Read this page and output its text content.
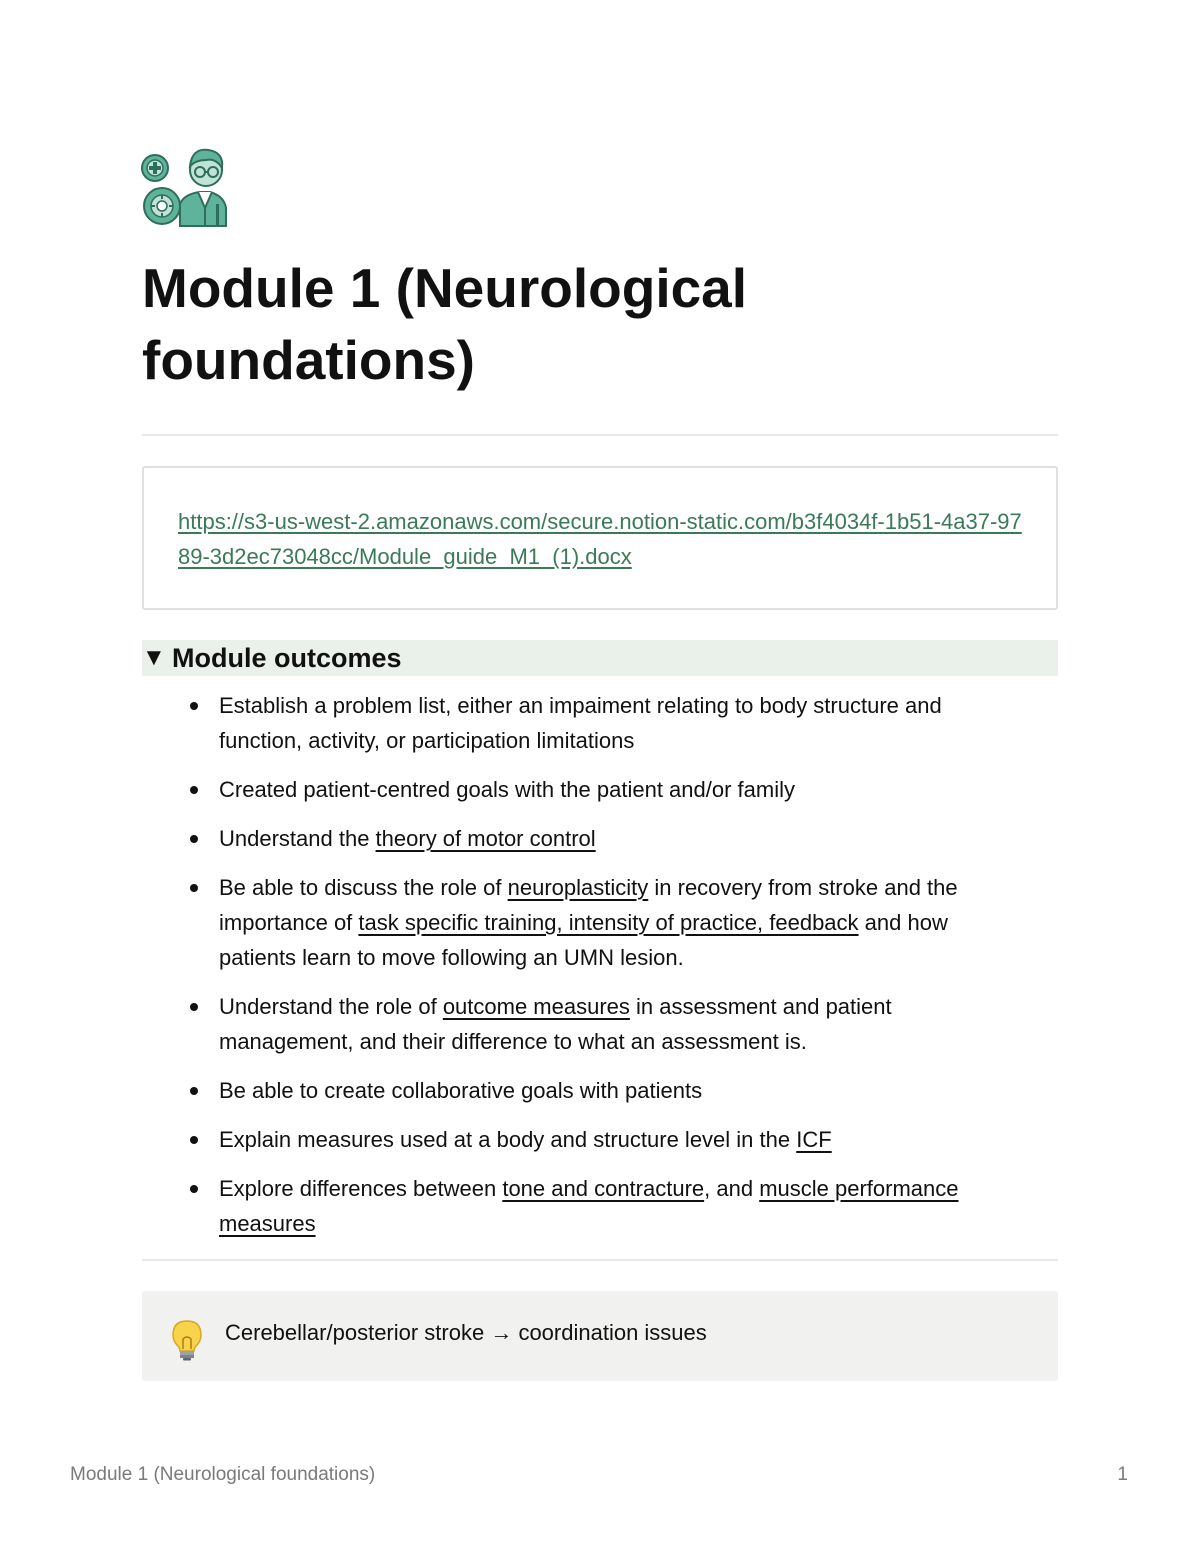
Module 1 (Neurological foundations)
https://s3-us-west-2.amazonaws.com/secure.notion-static.com/b3f4034f-1b51-4a37-9789-3d2ec73048cc/Module_guide_M1_(1).docx
▼ Module outcomes
Establish a problem list, either an impaiment relating to body structure and function, activity, or participation limitations
Created patient-centred goals with the patient and/or family
Understand the theory of motor control
Be able to discuss the role of neuroplasticity in recovery from stroke and the importance of task specific training, intensity of practice, feedback and how patients learn to move following an UMN lesion.
Understand the role of outcome measures in assessment and patient management, and their difference to what an assessment is.
Be able to create collaborative goals with patients
Explain measures used at a body and structure level in the ICF
Explore differences between tone and contracture, and muscle performance measures
Cerebellar/posterior stroke → coordination issues
Module 1 (Neurological foundations)	1
